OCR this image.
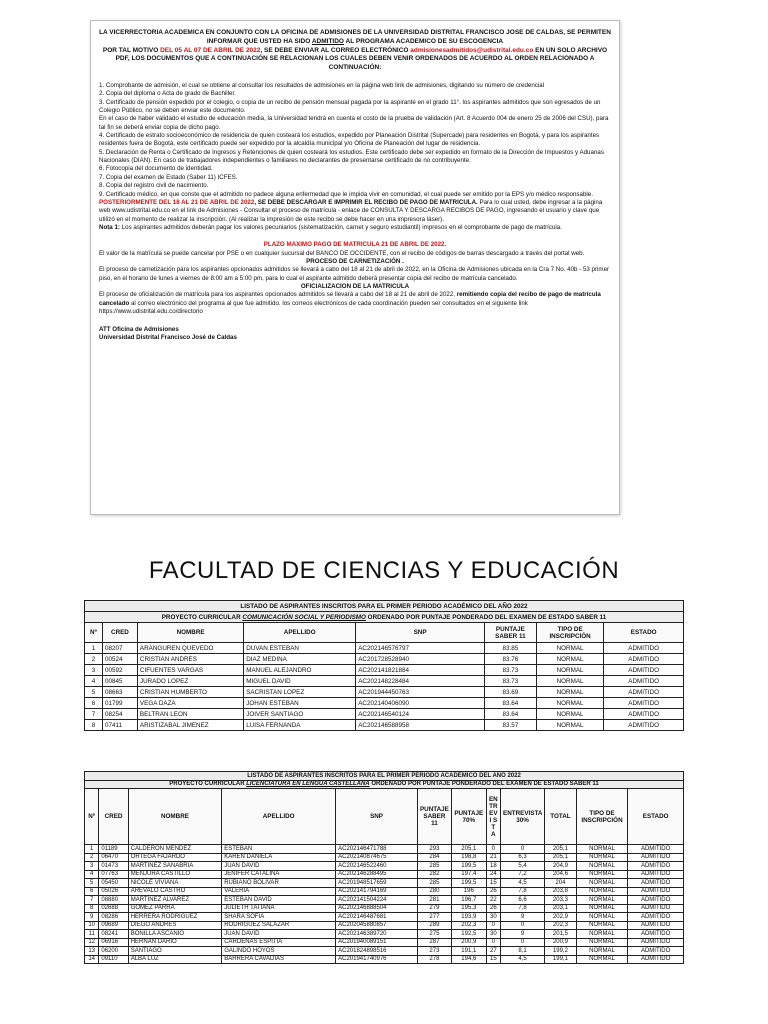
LA VICERRECTORIA ACADEMICA EN CONJUNTO CON LA OFICINA DE ADMISIONES DE LA UNIVERSIDAD DISTRITAL FRANCISCO JOSE DE CALDAS, SE PERMITEN INFORMAR QUE USTED HA SIDO ADMITIDO AL PROGRAMA ACADEMICO DE SU ESCOGENCIA

POR TAL MOTIVO DEL 05 AL 07 DE ABRIL DE 2022, SE DEBE ENVIAR AL CORREO ELECTRÓNICO admisionesadmitidos@udistrital.edu.co EN UN SOLO ARCHIVO PDF, LOS DOCUMENTOS QUE A CONTINUACIÓN SE RELACIONAN LOS CUALES DEBEN VENIR ORDENADOS DE ACUERDO AL ORDEN RELACIONADO A CONTINUACIÓN:

1. Comprobante de admisión, el cual se obtiene al consultar los resultados de admisiones en la página web link de admisiones, digitando su número de credencial

2. Copia del diploma o Acta de grado de Bachiller.

3. Certificado de pensión expedido por el colegio, o copia de un recibo de pensión mensual pagada por la aspirante en el grado 11°. los aspirantes admitidos que son egresados de un Colegio Público, no se deben enviar este documento.

En el caso de haber validado el estudio de educación media, la Universidad tendrá en cuenta el costo de la prueba de validación (Art. 8 Acuerdo 004 de enero 25 de 2006 del CSU), para tal fin se deberá enviar copia de dicho pago.

4. Certificado de estrato socioeconómico de residencia de quien costeará los estudios, expedido por Planeación Distrital (Supercade) para residentes en Bogotá, y para los aspirantes residentes fuera de Bogotá, este certificado puede ser expedido por la alcaldía municipal y/o Oficina de Planeación del lugar de residencia.

5. Declaración de Renta o Certificado de Ingresos y Retenciones de quien costeará los estudios. Este certificado debe ser expedido en formato de la Dirección de Impuestos y Aduanas Nacionales (DIAN). En caso de trabajadores independientes o familiares no declarantes de presentarse certificado de no contribuyente.

6. Fotocopia del documento de identidad.

7. Copia del examen de Estado (Saber 11) ICFES.

8. Copia del registro civil de nacimiento.

9. Certificado médico, en que conste que el admitido no padece alguna enfermedad que le impida vivir en comunidad, el cual puede ser emitido por la EPS y/o médico responsable.

POSTERIORMENTE DEL 18 AL 21 DE ABRIL DE 2022, SE DEBE DESCARGAR E IMPRIMIR EL RECIBO DE PAGO DE MATRICULA. Para lo cual usted, debe ingresar a la página web www.udistrital.edu.co en el link de Admisiones - Consultar el proceso de matrícula - enlace de CONSULTA Y DESCARGA RECIBOS DE PAGO, ingresando el usuario y clave que utilizó en el momento de realizar la inscripción. (Al realizar la impresión de este recibo se debe hacer en una impresora láser).

Nota 1: Los aspirantes admitidos deberán pagar los valores pecuniarios (sistematización, carnet y seguro estudiantil) impresos en el comprobante de pago de matrícula.

PLAZO MAXIMO PAGO DE MATRICULA 21 DE ABRIL DE 2022.

El valor de la matrícula se puede cancelar por PSE o en cualquier sucursal del BANCO DE OCCIDENTE, con el recibo de códigos de barras descargado a través del portal web.

PROCESO DE CARNETIZACIÓN .

El proceso de carnetización para los aspirantes opcionados admitidos se llevará a cabo del 18 al 21 de abril de 2022, en la Oficina de Admisiones ubicada en la Cra 7 No. 40b - 53 primer piso, en el horario de lunes a viernes de 8:00 am a 5:00 pm, para lo cual el aspirante admitido deberá presentar copia del recibo de matrícula cancelado.

OFICIALIZACION DE LA MATRICULA

El proceso de oficialización de matrícula para los aspirantes opcionados admitidos se llevará a cabo del 18 al 21 de abril de 2022, remitiendo copia del recibo de pago de matrícula cancelado al correo electrónico del programa al que fue admitido. los correos electrónicos de cada coordinación pueden ser consultados en el siguiente link https://www.udistrital.edu.co/directorio

ATT Oficina de Admisiones

Universidad Distrital Francisco José de Caldas

FACULTAD DE CIENCIAS Y EDUCACIÓN
LISTADO DE ASPIRANTES INSCRITOS PARA EL PRIMER PERIODO ACADÉMICO DEL AÑO 2022							
PROYECTO CURRICULAR COMUNICACIÓN SOCIAL Y PERIODISMO ORDENADO POR PUNTAJE PONDERADO DEL EXAMEN DE ESTADO SABER 11							
Nº	CRED	NOMBRE	APELLIDO	SNP	PUNTAJE SABER 11	TIPO DE INSCRIPCIÓN	ESTADO
1	08207	ARANGUREN QUEVEDO	DUVAN ESTEBAN	AC202146576797	83.85	NORMAL	ADMITIDO
2	00524	CRISTIAN ANDRES	DIAZ MEDINA	AC201728528940	83.76	NORMAL	ADMITIDO
3	00592	CIFUENTES VARGAS	MANUEL ALEJANDRO	AC202141821884	83.73	NORMAL	ADMITIDO
4	00845	JURADO LOPEZ	MIGUEL DAVID	AC202148228484	83.73	NORMAL	ADMITIDO
5	08663	CRISTIAN HUMBERTO	SACRISTAN LOPEZ	AC201944450763	83.69	NORMAL	ADMITIDO
6	01799	VEGA DAZA	JOHAN ESTEBAN	AC202140406090	83.64	NORMAL	ADMITIDO
7	08254	BELTRAN LEON	JOIVER SANTIAGO	AC202146540124	83.64	NORMAL	ADMITIDO
8	07411	ARISTIZABAL JIMENEZ	LUISA FERNANDA	AC202146588958	83.57	NORMAL	ADMITIDO
LISTADO DE ASPIRANTES INSCRITOS PARA EL PRIMER PERIODO ACADÉMICO DEL AÑO 2022											
PROYECTO CURRICULAR LICENCIATURA EN LENGUA CASTELLANA ORDENADO POR PUNTAJE PONDERADO DEL EXAMEN DE ESTADO SABER 11											
Nº	CRED	NOMBRE	APELLIDO	SNP	PUNTAJE SABER 11	PUNTAJE 70%	EN TR EVI ST A	ENTREVISTA 30%	TOTAL	TIPO DE INSCRIPCIÓN	ESTADO
1	01189	CALDERON MENDEZ	ESTEBAN	AC202146471788	293	205,1	0	0	205,1	NORMAL	ADMITIDO
2	06470	ORTEGA FAJARDO	KAREN DANIELA	AC202140874675	284	198,8	21	6,3	205,1	NORMAL	ADMITIDO
3	01473	MARTINEZ SANABRIA	JUAN DAVID	AC202146522460	285	199,5	18	5,4	204,9	NORMAL	ADMITIDO
4	07763	MENJURA CASTILLO	JENIFER CATALINA	AC202146288495	282	197,4	24	7,2	204,6	NORMAL	ADMITIDO
5	05450	NICOLE VIVIANA	RUBIANO BOLIVAR	AC201948517659	285	199,5	15	4,5	204	NORMAL	ADMITIDO
6	05026	AREVALO CASTRO	VALERIA	AC202141794169	280	196	26	7,8	203,8	NORMAL	ADMITIDO
7	08880	MARTINEZ ALVAREZ	ESTEBAN DAVID	AC202141504224	281	196,7	22	6,6	203,3	NORMAL	ADMITIDO
8	02688	GOMEZ PARRA	JULIETH TATIANA	AC202146888504	279	195,3	26	7,8	203,1	NORMAL	ADMITIDO
9	08286	HERRERA RODRIGUEZ	SHARA SOFIA	AC202146487681	277	193,9	30	9	202,9	NORMAL	ADMITIDO
10	09689	DIEGO ANDRES	RODRIGUEZ SALAZAR	AC202045880857	289	202,3	0	0	202,3	NORMAL	ADMITIDO
11	08241	BONILLA ASCANIO	JUAN DAVID	AC202146389720	275	192,5	30	9	201,5	NORMAL	ADMITIDO
12	06916	HERNAN DARIO	CARDENAS ESPITIA	AC201940089151	287	200,9	0	0	200,9	NORMAL	ADMITIDO
13	06200	SANTIAGO	GALINDO HOYOS	AC201824898516	273	191,1	27	8,1	199,2	NORMAL	ADMITIDO
14	09110	ALBA LUZ	BARRERA CAVADIAS	AC201941740976	278	194,6	15	4,5	199,1	NORMAL	ADMITIDO
